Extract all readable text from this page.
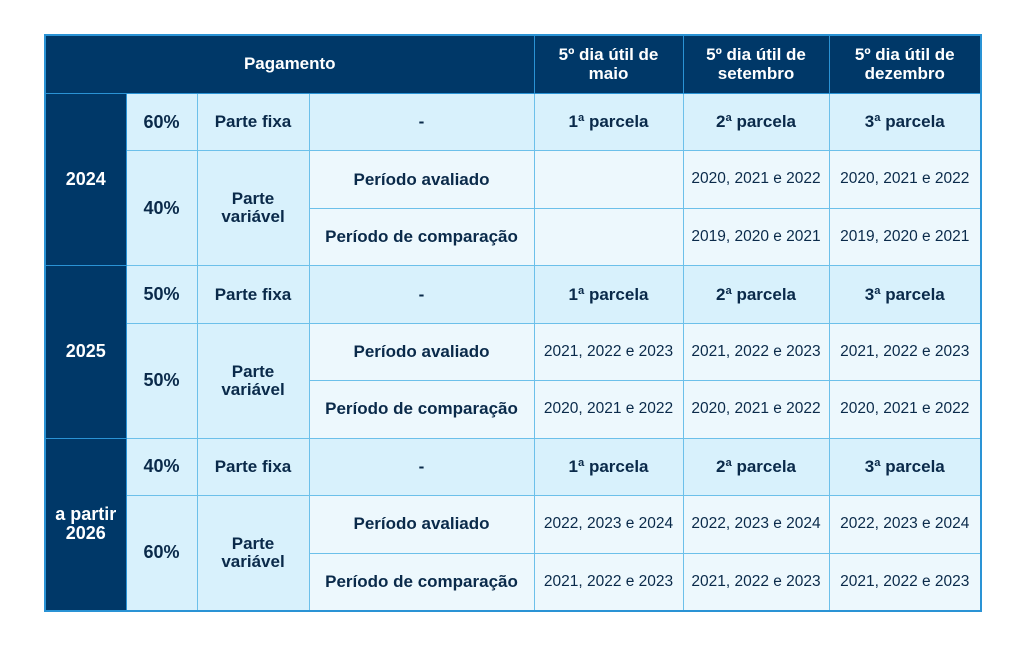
Pagamento				5º dia útil de maio	5º dia útil de setembro	5º dia útil de dezembro
2024	60%	Parte fixa	-	1ª parcela	2ª parcela	3ª parcela
	40%	Parte variável	Período avaliado		2020, 2021 e 2022	2020, 2021 e 2022
			Período de comparação		2019, 2020 e 2021	2019, 2020 e 2021
2025	50%	Parte fixa	-	1ª parcela	2ª parcela	3ª parcela
	50%	Parte variável	Período avaliado	2021, 2022 e 2023	2021, 2022 e 2023	2021, 2022 e 2023
			Período de comparação	2020, 2021 e 2022	2020, 2021 e 2022	2020, 2021 e 2022
a partir 2026	40%	Parte fixa	-	1ª parcela	2ª parcela	3ª parcela
	60%	Parte variável	Período avaliado	2022, 2023 e 2024	2022, 2023 e 2024	2022, 2023 e 2024
			Período de comparação	2021, 2022 e 2023	2021, 2022 e 2023	2021, 2022 e 2023
